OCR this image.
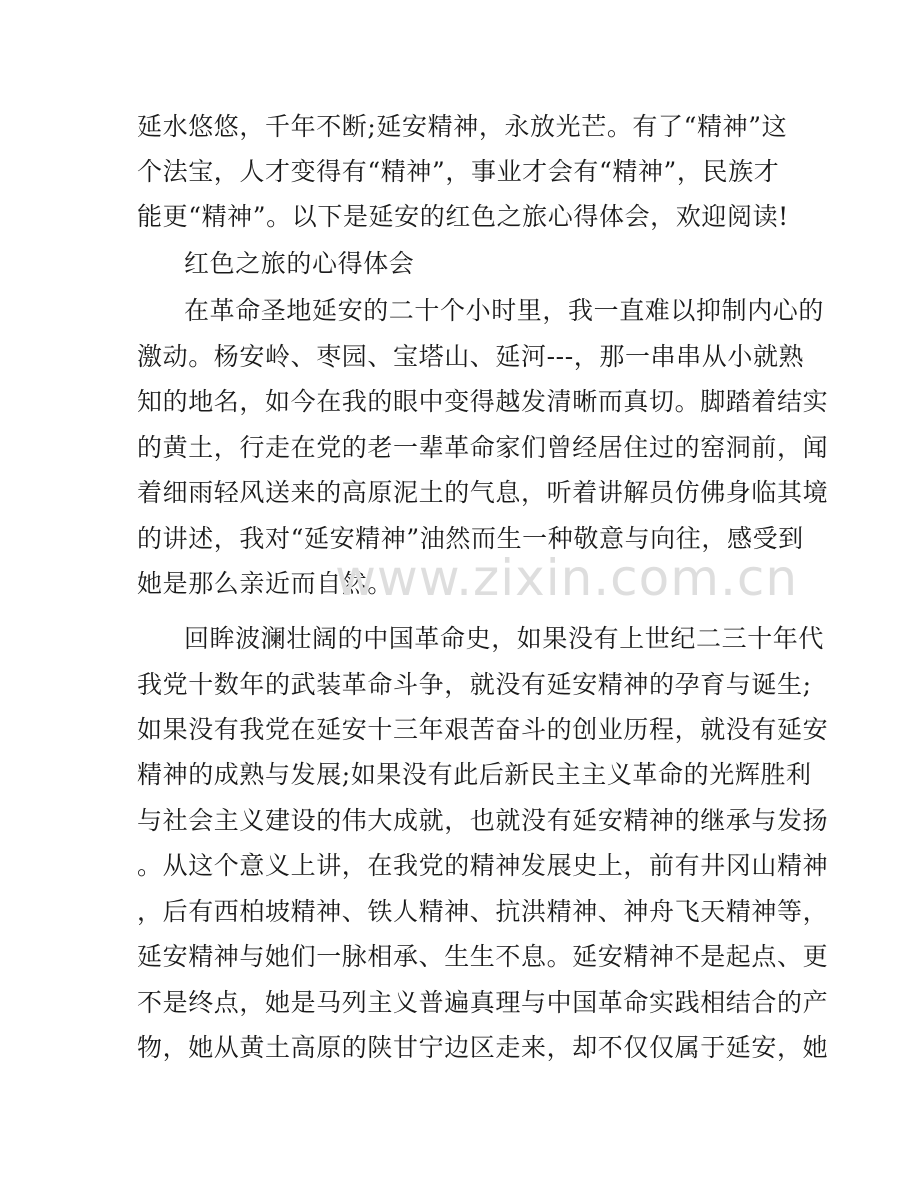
延水悠悠，千年不断;延安精神，永放光芒。有了“精神”这
个法宝，人才变得有“精神”，事业才会有“精神”，民族才
能更“精神”。以下是延安的红色之旅心得体会，欢迎阅读!
红色之旅的心得体会
在革命圣地延安的二十个小时里，我一直难以抑制内心的
激动。杨安岭、枣园、宝塔山、延河---，那一串串从小就熟
知的地名，如今在我的眼中变得越发清晰而真切。脚踏着结实
的黄土，行走在党的老一辈革命家们曾经居住过的窑洞前，闻
着细雨轻风送来的高原泥土的气息，听着讲解员仿佛身临其境
的讲述，我对“延安精神”油然而生一种敬意与向往，感受到
她是那么亲近而自然。
回眸波澜壮阔的中国革命史，如果没有上世纪二三十年代
我党十数年的武装革命斗争，就没有延安精神的孕育与诞生;
如果没有我党在延安十三年艰苦奋斗的创业历程，就没有延安
精神的成熟与发展;如果没有此后新民主主义革命的光辉胜利
与社会主义建设的伟大成就，也就没有延安精神的继承与发扬
。从这个意义上讲，在我党的精神发展史上，前有井冈山精神
，后有西柏坡精神、铁人精神、抗洪精神、神舟飞天精神等，
延安精神与她们一脉相承、生生不息。延安精神不是起点、更
不是终点，她是马列主义普遍真理与中国革命实践相结合的产
物，她从黄土高原的陕甘宁边区走来，却不仅仅属于延安，她
www.zixin.com.cn
